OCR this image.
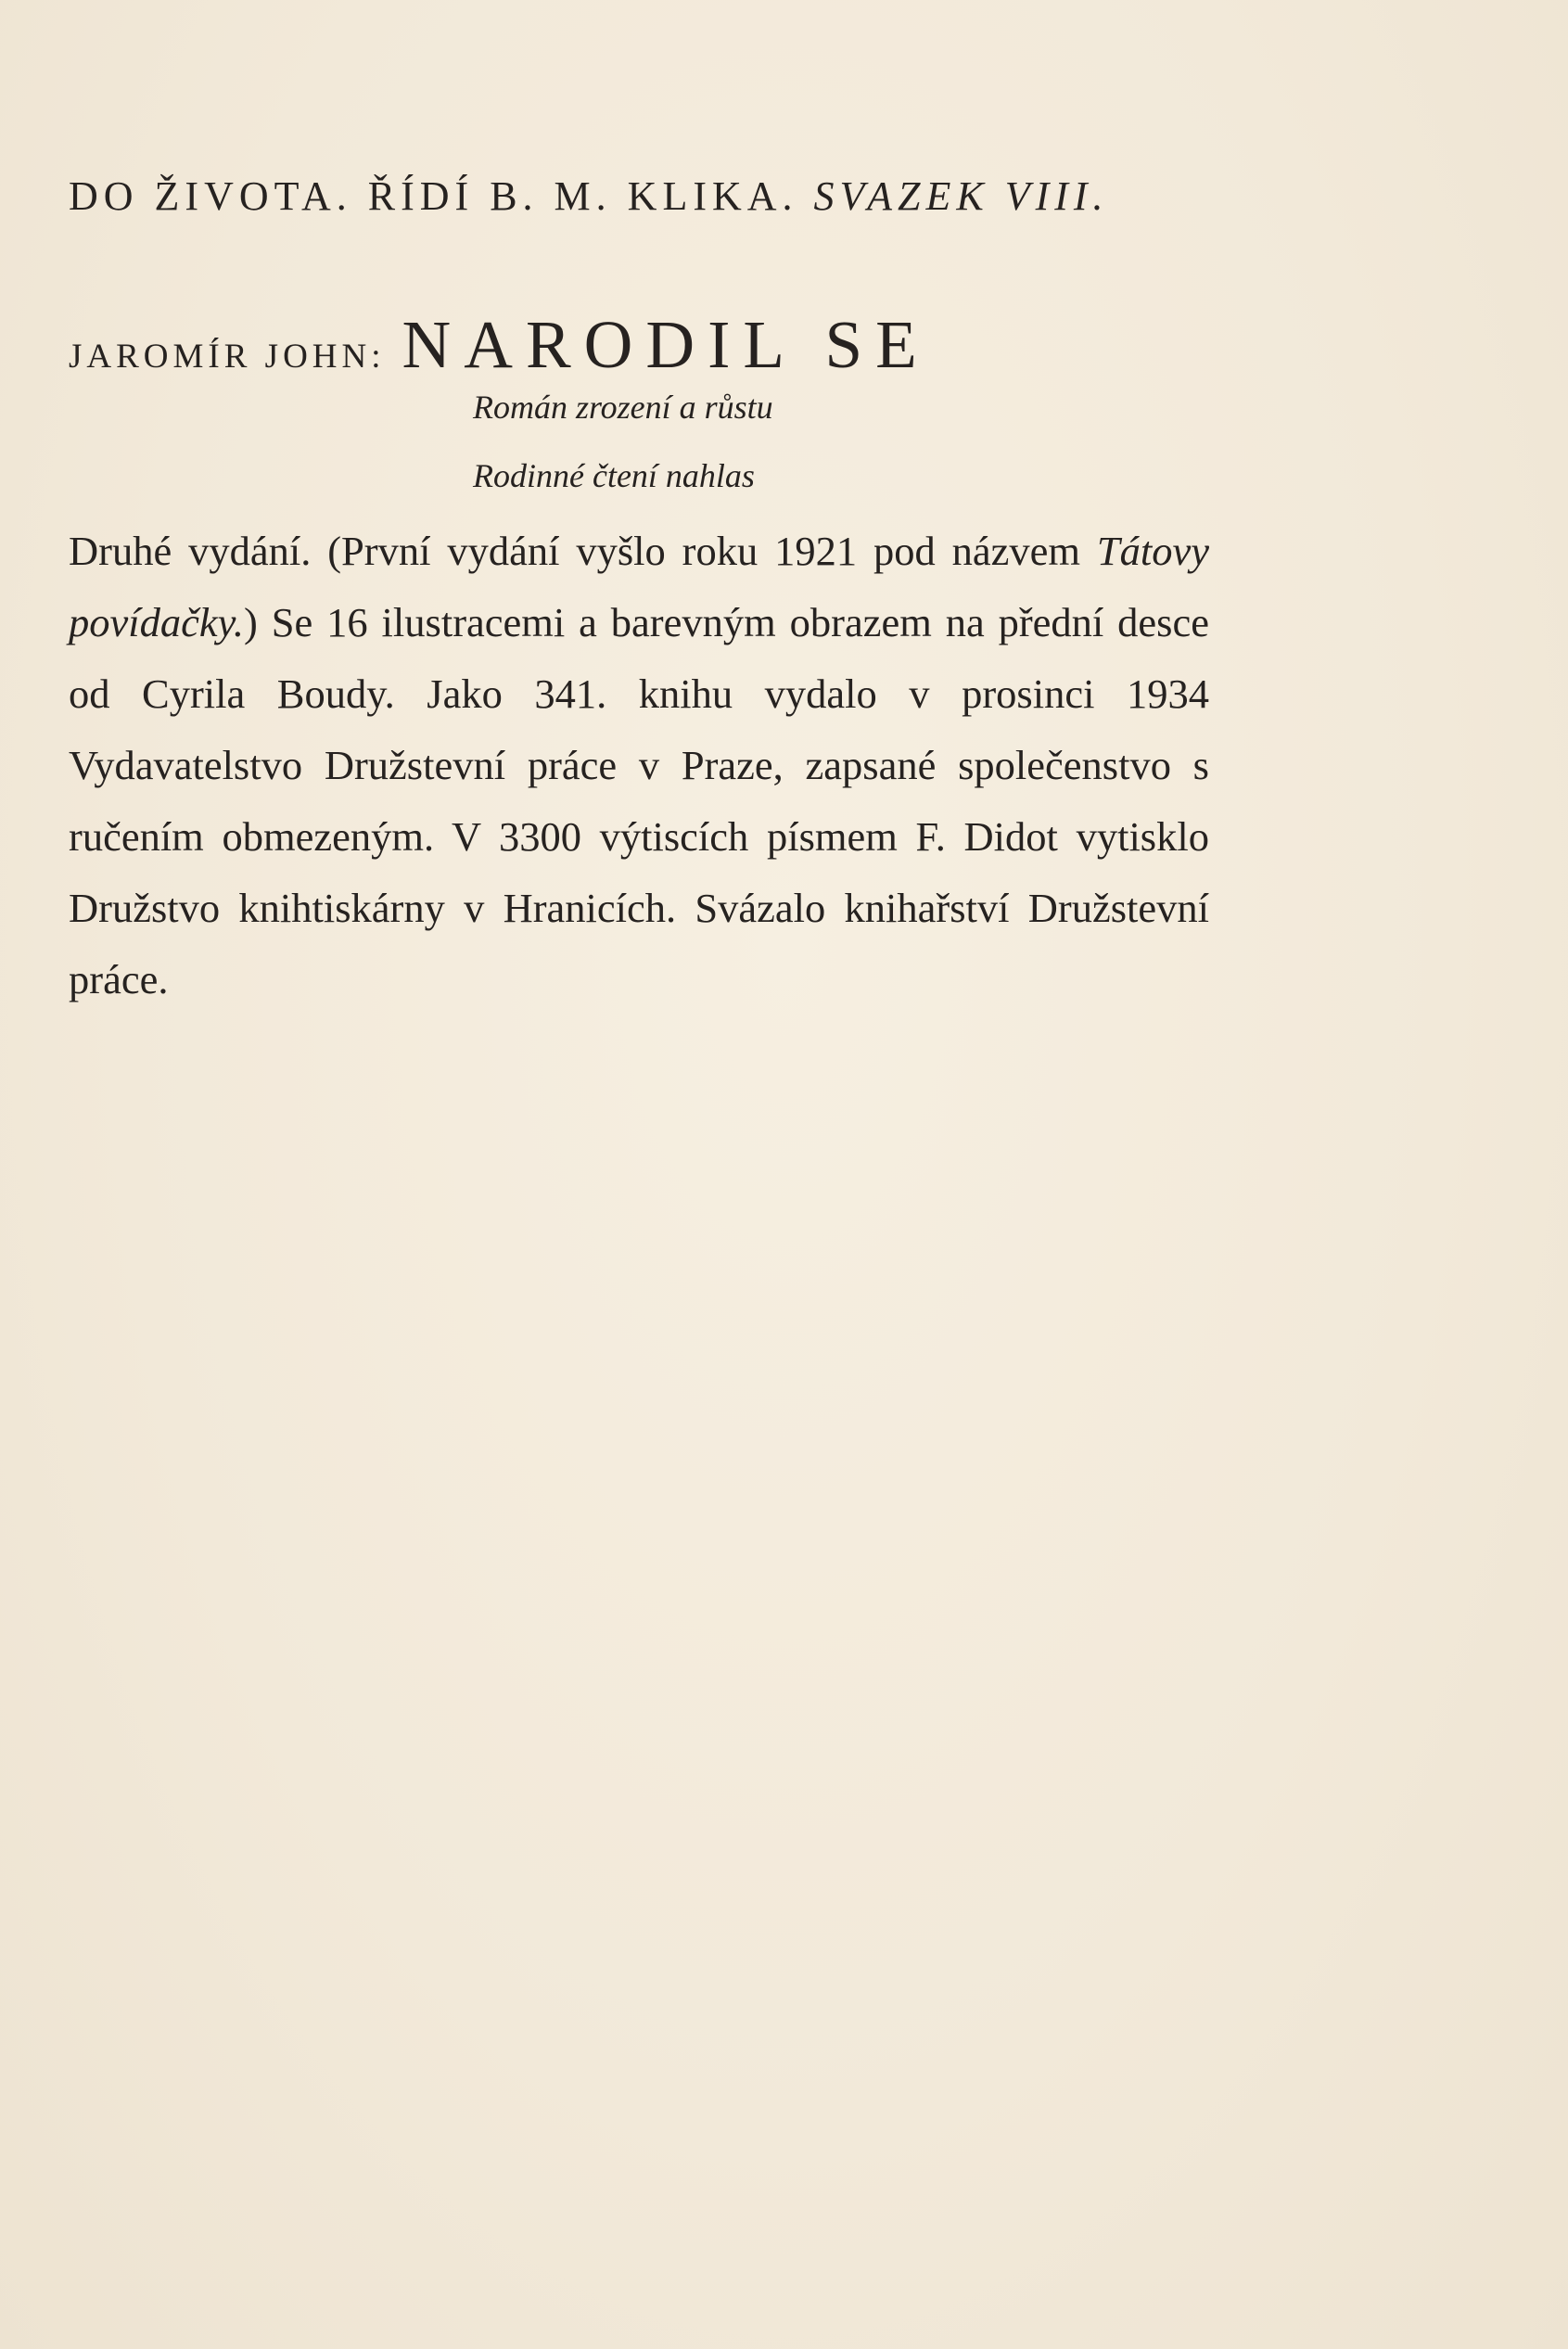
DO ŽIVOTA. ŘÍDÍ B. M. KLIKA. SVAZEK VIII.
JAROMÍR JOHN: NARODIL SE
Román zrození a růstu
Rodinné čtení nahlas
Druhé vydání. (První vydání vyšlo roku 1921 pod názvem Tátovy povídačky.) Se 16 ilustracemi a barevným obrazem na přední desce od Cyrila Boudy. Jako 341. knihu vydalo v prosinci 1934 Vydavatelstvo Družstevní práce v Praze, zapsané společenstvo s ručením obmezeným. V 3300 výtiscích písmem F. Didot vytisklo Družstvo knihtiskárny v Hranicích. Svázalo knihařství Družstevní práce.
